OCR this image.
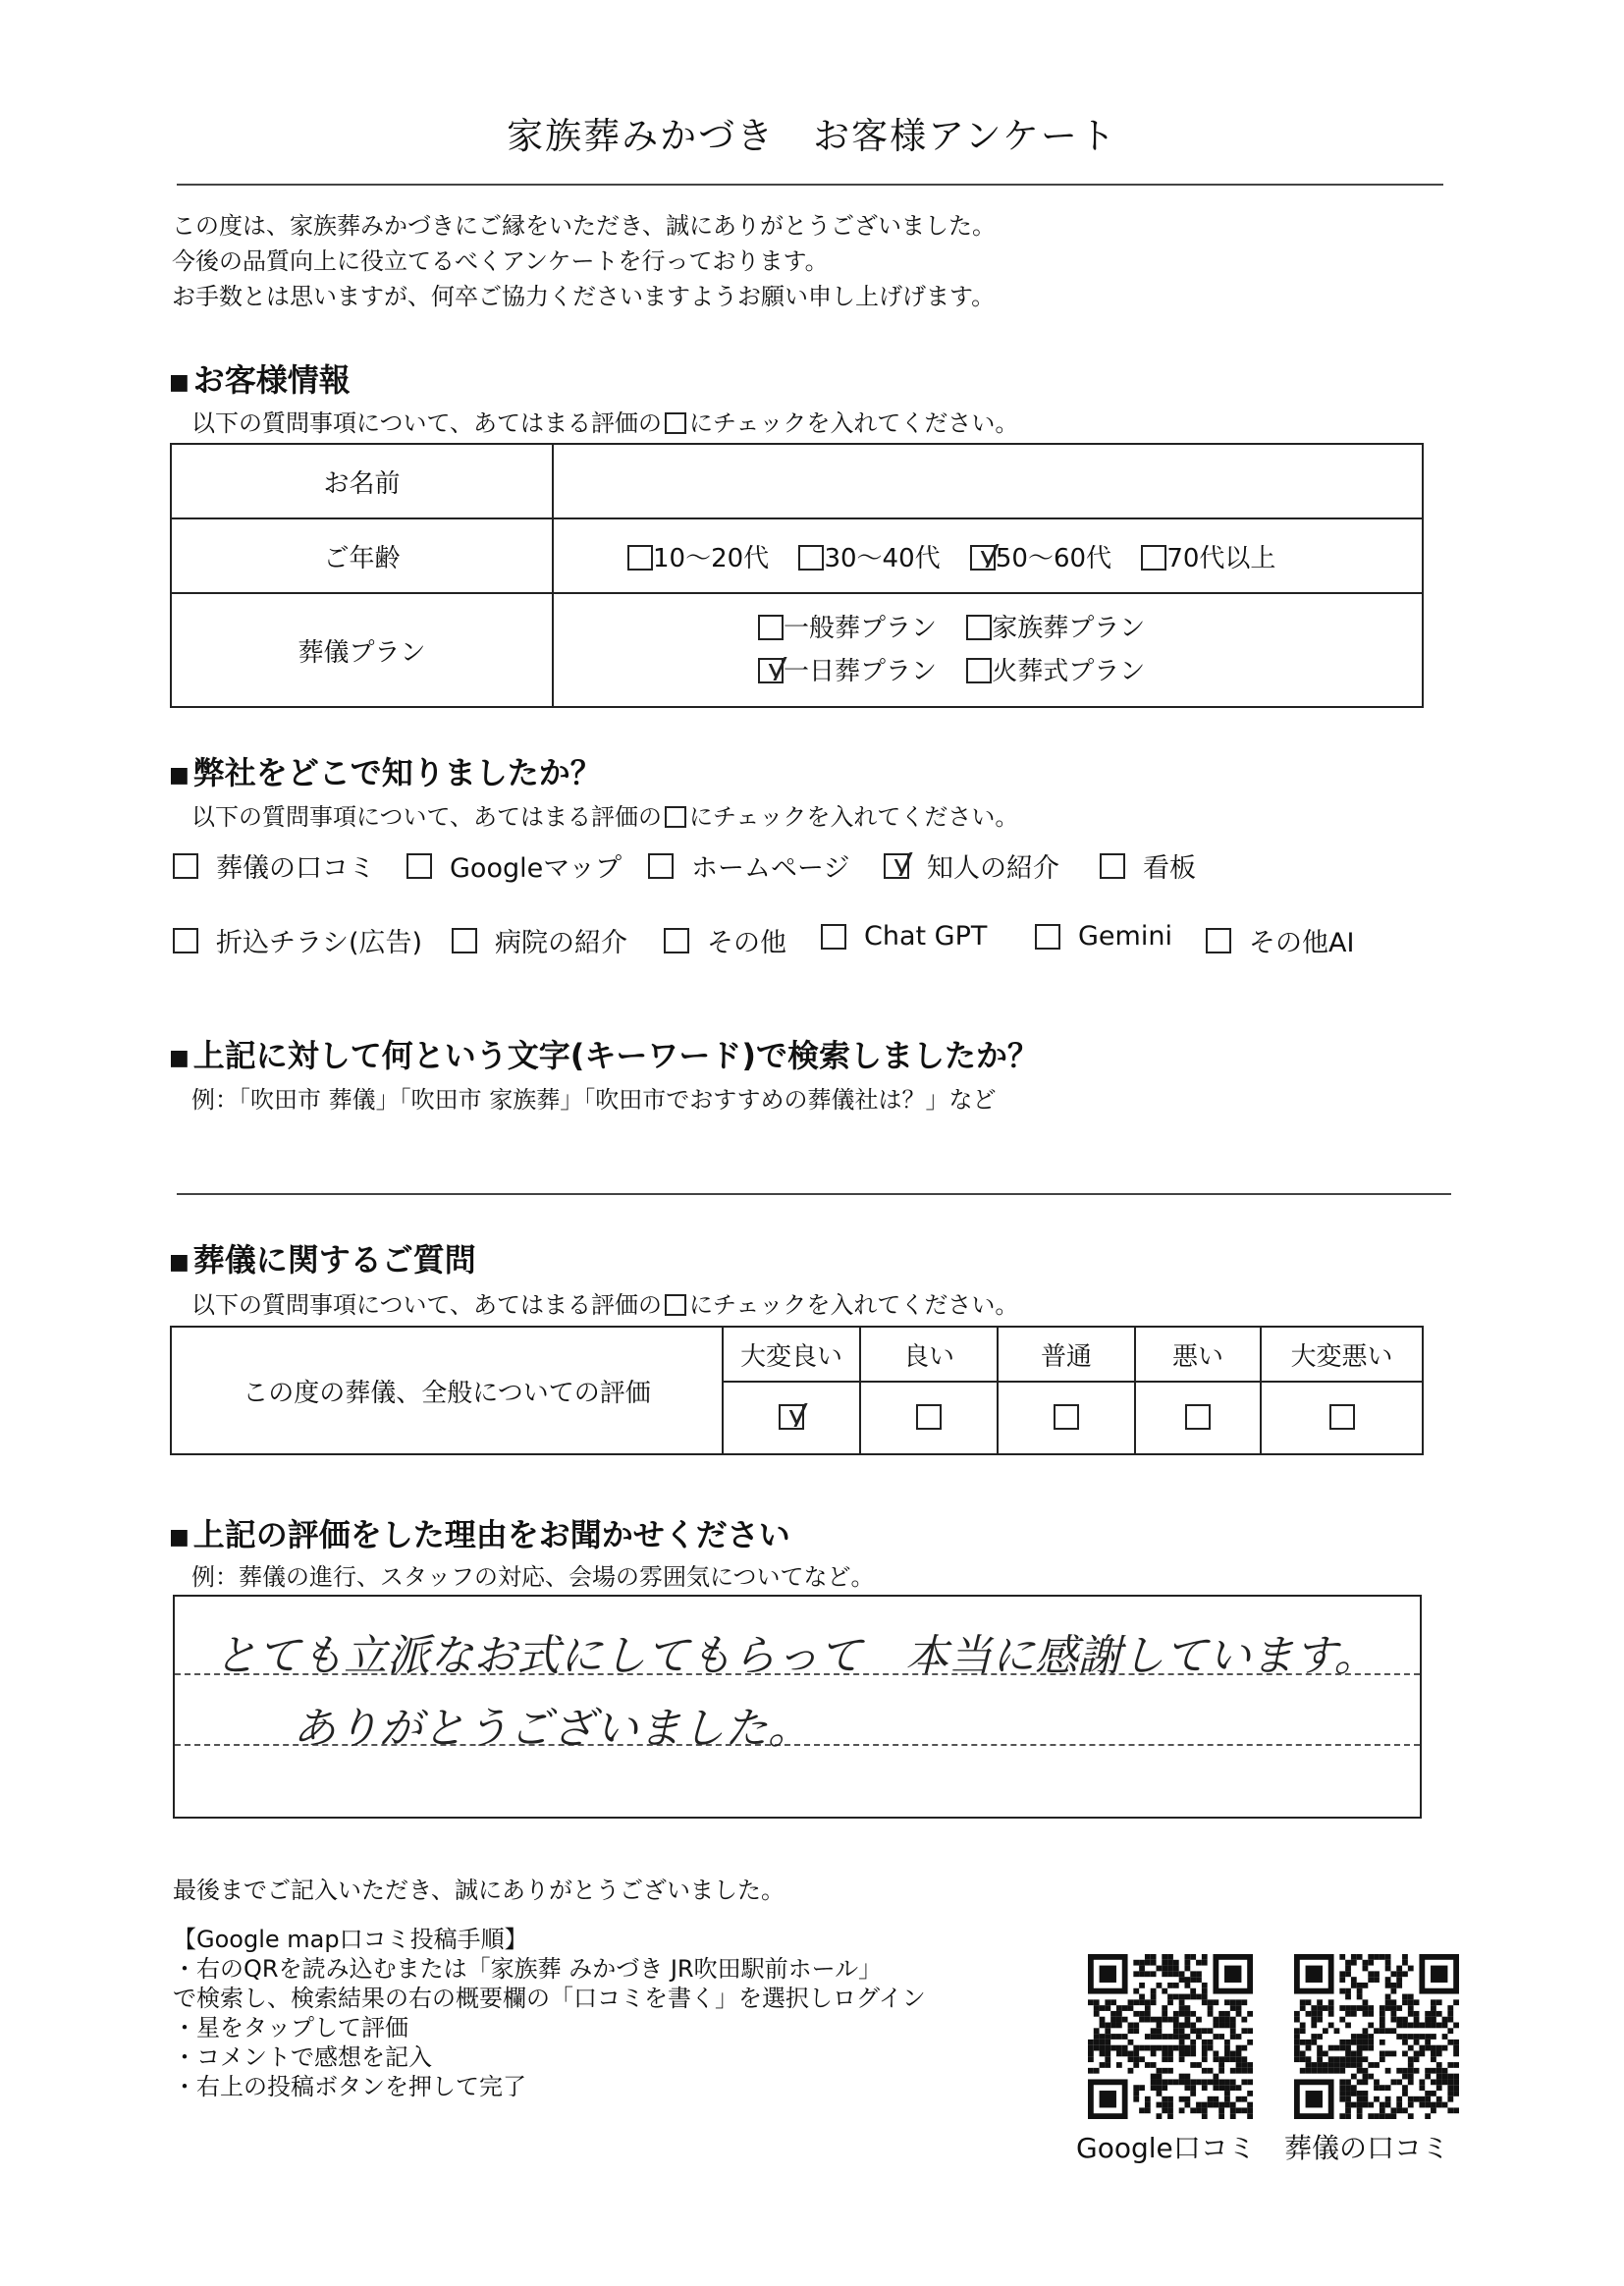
家族葬みかづき　お客様アンケート
この度は、家族葬みかづきにご縁をいただき、誠にありがとうございました。
今後の品質向上に役立てるべくアンケートを行っております。
お手数とは思いますが、何卒ご協力くださいますようお願い申し上げげます。
■ お客様情報
以下の質問事項について、あてはまる評価の にチェックを入れてください。
お名前	
ご年齢	10～20代 30～40代 50～60代 70代以上
葬儀プラン	一般葬プラン 家族葬プラン
一日葬プラン 火葬式プラン
■ 弊社をどこで知りましたか？
以下の質問事項について、あてはまる評価の にチェックを入れてください。
葬儀の口コミ	Googleマップ	ホームページ	知人の紹介	看板
折込チラシ(広告)	病院の紹介	その他	Chat GPT	Gemini	その他AI
■ 上記に対して何という文字(キーワード)で検索しましたか？
例：「吹田市 葬儀」「吹田市 家族葬」「吹田市でおすすめの葬儀社は？」など
■ 葬儀に関するご質問
以下の質問事項について、あてはまる評価の にチェックを入れてください。
この度の葬儀、全般についての評価	大変良い	良い	普通	悪い	大変悪い

■ 上記の評価をした理由をお聞かせください
例：葬儀の進行、スタッフの対応、会場の雰囲気についてなど。
とても立派なお式にしてもらって　本当に感謝しています。
ありがとうございました。
最後までご記入いただき、誠にありがとうございました。
【Google map口コミ投稿手順】
・右のQRを読み込むまたは「家族葬 みかづき JR吹田駅前ホール」
で検索し、検索結果の右の概要欄の「口コミを書く」を選択しログイン
・星をタップして評価
・コメントで感想を記入
・右上の投稿ボタンを押して完了
Google口コミ 葬儀の口コミ
